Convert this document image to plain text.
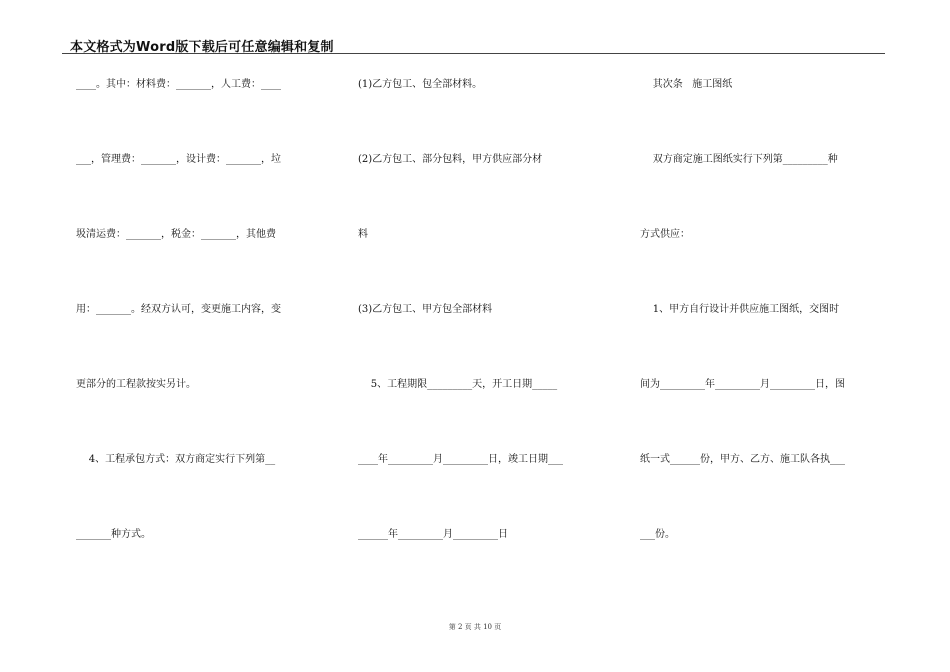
本文格式为Word版下载后可任意编辑和复制
____。其中：材料费：_______，人工费：____
___，管理费：_______，设计费：_______，垃
圾清运费：_______，税金：_______，其他费
用：_______。经双方认可，变更施工内容，变
更部分的工程款按实另计。
4、工程承包方式：双方商定实行下列第__
_______种方式。
(1)乙方包工、包全部材料。
(2)乙方包工、部分包料，甲方供应部分材
料
(3)乙方包工、甲方包全部材料
5、工程期限_________天，开工日期_____
____年_________月_________日，竣工日期___
______年_________月_________日
其次条   施工图纸
双方商定施工图纸实行下列第_________种
方式供应：
1、甲方自行设计并供应施工图纸，交图时
间为_________年_________月_________日，图
纸一式______份，甲方、乙方、施工队各执___
___份。
第 2 页 共 10 页
